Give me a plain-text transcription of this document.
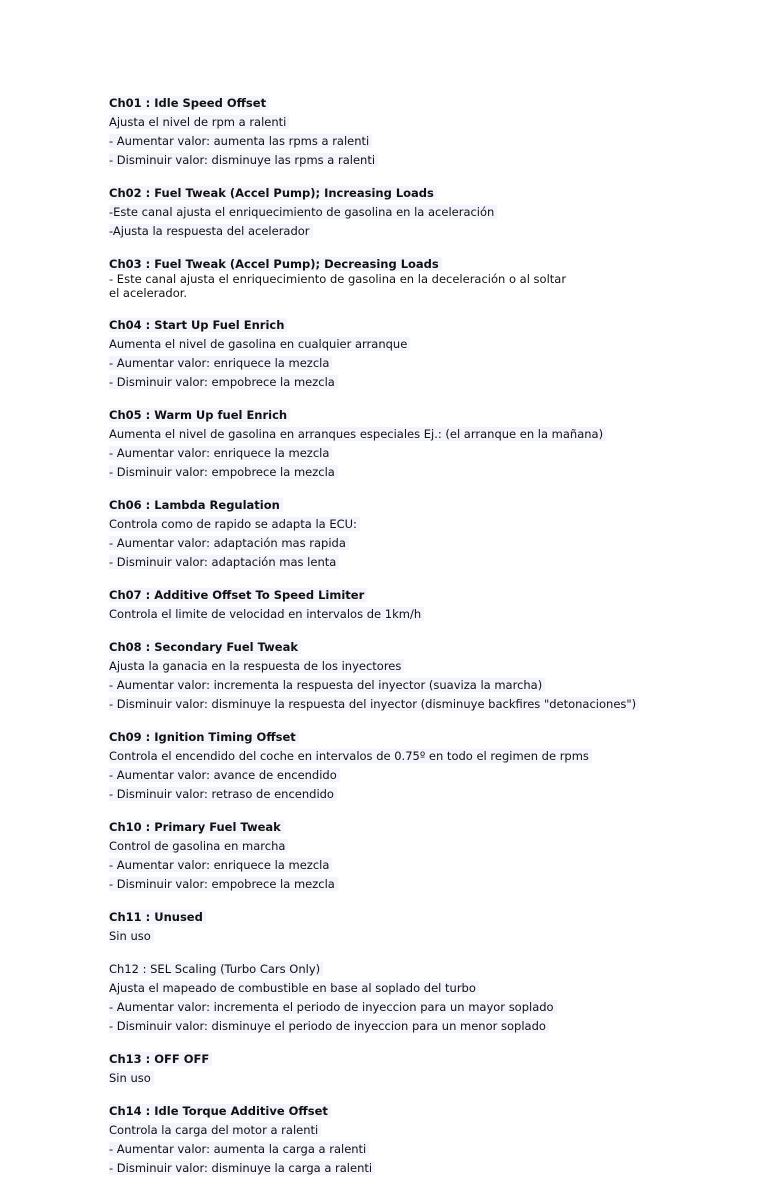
Ch01 : Idle Speed Offset
Ajusta el nivel de rpm a ralenti
- Aumentar valor: aumenta las rpms a ralenti
- Disminuir valor: disminuye las rpms a ralenti
Ch02 : Fuel Tweak (Accel Pump); Increasing Loads
-Este canal ajusta el enriquecimiento de gasolina en la aceleración
-Ajusta la respuesta del acelerador
Ch03 : Fuel Tweak (Accel Pump); Decreasing Loads
- Este canal ajusta el enriquecimiento de gasolina en la deceleración o al soltar el acelerador.
Ch04 : Start Up Fuel Enrich
Aumenta el nivel de gasolina en cualquier arranque
- Aumentar valor: enriquece la mezcla
- Disminuir valor: empobrece la mezcla
Ch05 : Warm Up fuel Enrich
Aumenta el nivel de gasolina en arranques especiales Ej.: (el arranque en la mañana)
- Aumentar valor: enriquece la mezcla
- Disminuir valor: empobrece la mezcla
Ch06 : Lambda Regulation
Controla como de rapido se adapta la ECU:
- Aumentar valor: adaptación mas rapida
- Disminuir valor: adaptación mas lenta
Ch07 : Additive Offset To Speed Limiter
Controla el limite de velocidad en intervalos de 1km/h
Ch08 : Secondary Fuel Tweak
Ajusta la ganacia en la respuesta de los inyectores
- Aumentar valor: incrementa la respuesta del inyector (suaviza la marcha)
- Disminuir valor: disminuye la respuesta del inyector (disminuye backfires "detonaciones")
Ch09 : Ignition Timing Offset
Controla el encendido del coche en intervalos de 0.75º en todo el regimen de rpms
- Aumentar valor: avance de encendido
- Disminuir valor: retraso de encendido
Ch10 : Primary Fuel Tweak
Control de gasolina en marcha
- Aumentar valor: enriquece la mezcla
- Disminuir valor: empobrece la mezcla
Ch11 : Unused
Sin uso
Ch12 : SEL Scaling (Turbo Cars Only)
Ajusta el mapeado de combustible en base al soplado del turbo
- Aumentar valor: incrementa el periodo de inyeccion para un mayor soplado
- Disminuir valor: disminuye el periodo de inyeccion para un menor soplado
Ch13 : OFF OFF
Sin uso
Ch14 : Idle Torque Additive Offset
Controla la carga del motor a ralenti
- Aumentar valor: aumenta la carga a ralenti
- Disminuir valor: disminuye la carga a ralenti
